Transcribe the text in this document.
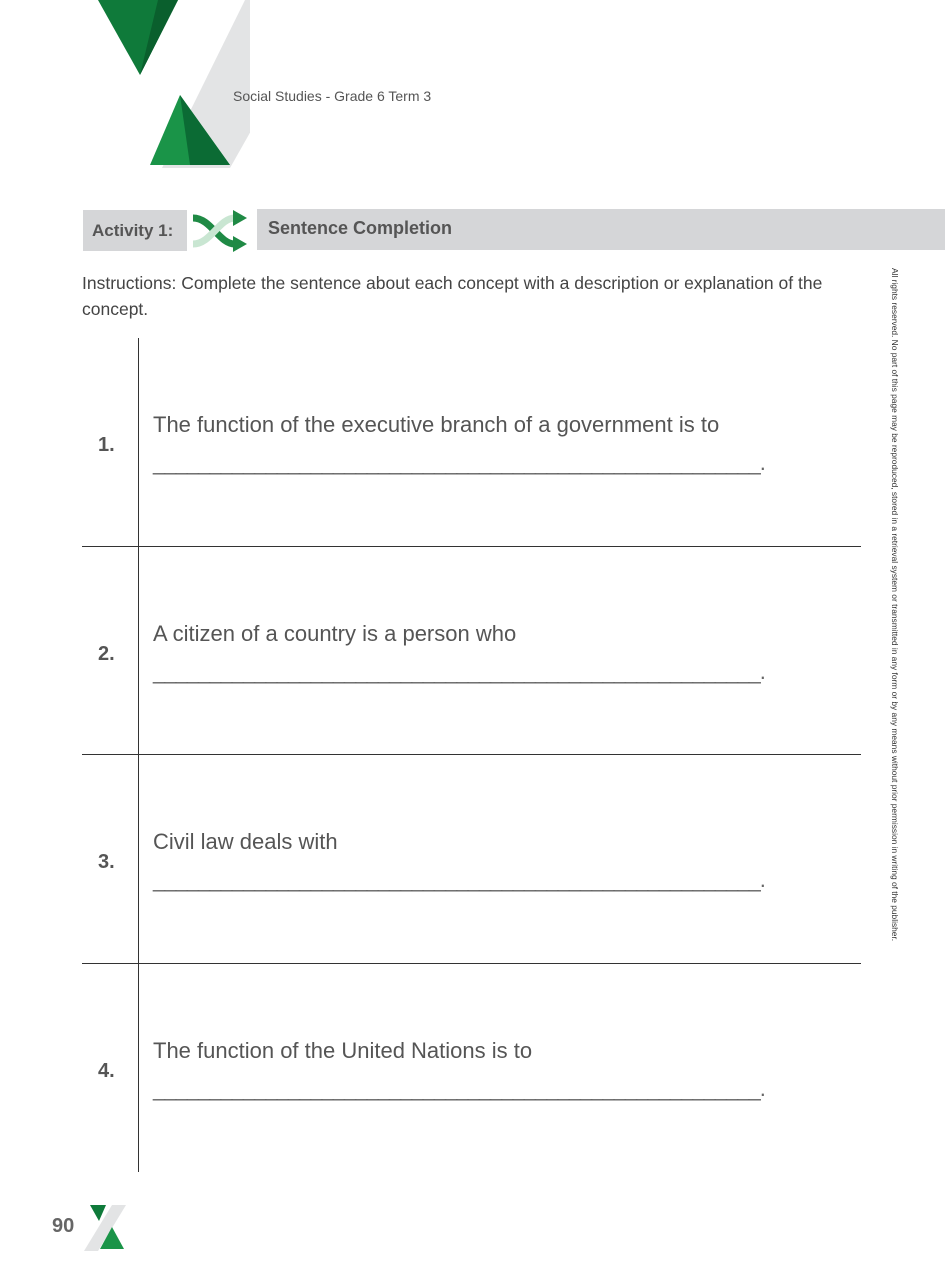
Social Studies - Grade 6 Term 3
Activity 1:	Sentence Completion
Instructions: Complete the sentence about each concept with a description or explanation of the concept.
1.
The function of the executive branch of a government is to
______________________________________________________.
2.
A citizen of a country is a person who
______________________________________________________.
3.
Civil law deals with
______________________________________________________.
4.
The function of the United Nations is to
______________________________________________________.
All rights reserved. No part of this page may be reproduced, stored in a retrieval system or transmitted in any form or by any means without prior permission in writing of the publisher.
90
